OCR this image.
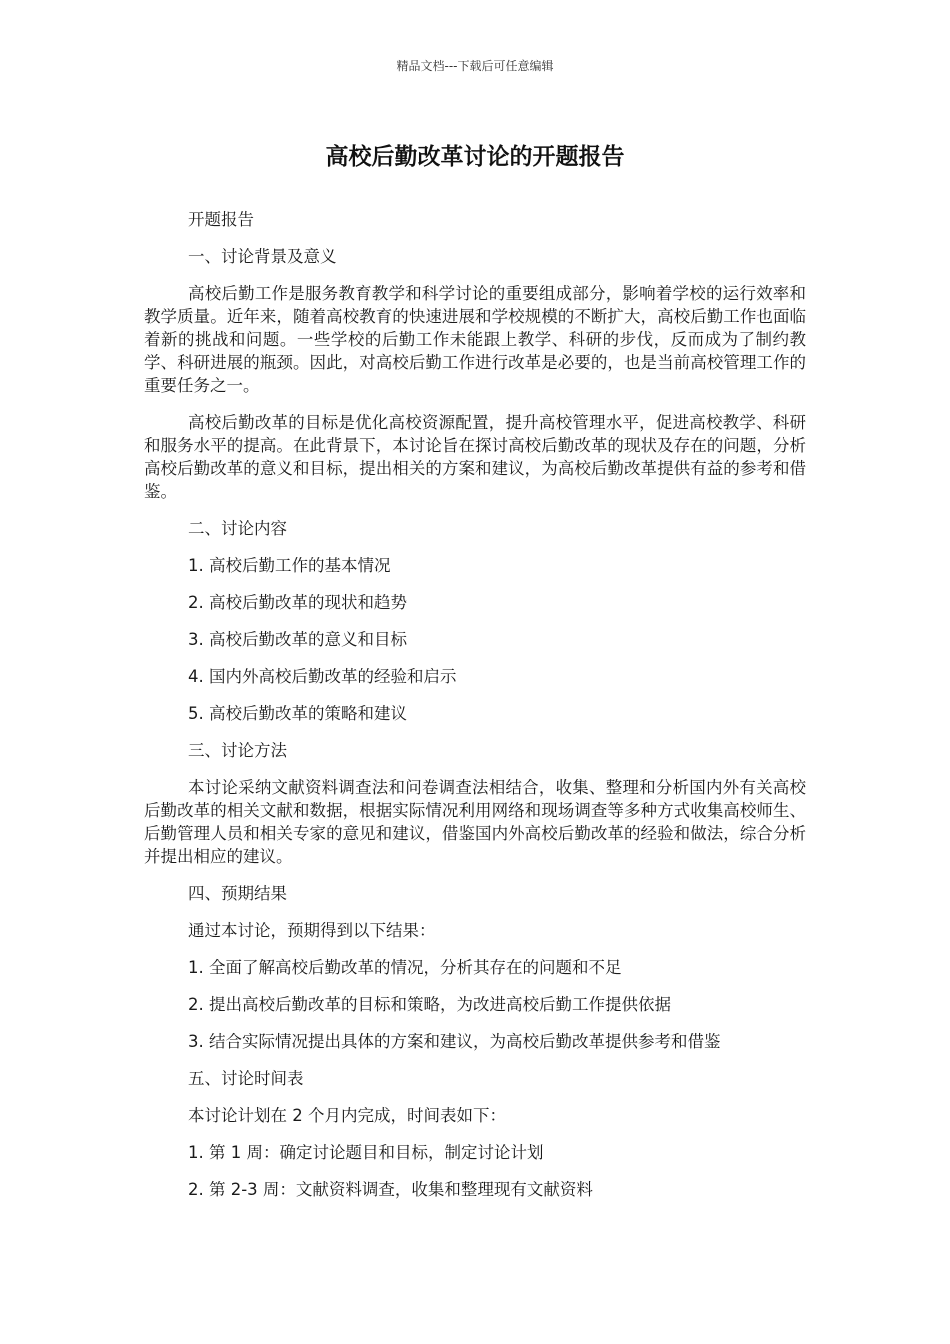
精品文档---下载后可任意编辑
高校后勤改革讨论的开题报告

开题报告

一、讨论背景及意义

高校后勤工作是服务教育教学和科学讨论的重要组成部分，影响着学校的运行效率和教学质量。近年来，随着高校教育的快速进展和学校规模的不断扩大，高校后勤工作也面临着新的挑战和问题。一些学校的后勤工作未能跟上教学、科研的步伐，反而成为了制约教学、科研进展的瓶颈。因此，对高校后勤工作进行改革是必要的，也是当前高校管理工作的重要任务之一。

高校后勤改革的目标是优化高校资源配置，提升高校管理水平，促进高校教学、科研和服务水平的提高。在此背景下，本讨论旨在探讨高校后勤改革的现状及存在的问题，分析高校后勤改革的意义和目标，提出相关的方案和建议，为高校后勤改革提供有益的参考和借鉴。

二、讨论内容

1. 高校后勤工作的基本情况

2. 高校后勤改革的现状和趋势

3. 高校后勤改革的意义和目标

4. 国内外高校后勤改革的经验和启示

5. 高校后勤改革的策略和建议

三、讨论方法

本讨论采纳文献资料调查法和问卷调查法相结合，收集、整理和分析国内外有关高校后勤改革的相关文献和数据，根据实际情况利用网络和现场调查等多种方式收集高校师生、后勤管理人员和相关专家的意见和建议，借鉴国内外高校后勤改革的经验和做法，综合分析并提出相应的建议。

四、预期结果

通过本讨论，预期得到以下结果：

1. 全面了解高校后勤改革的情况，分析其存在的问题和不足

2. 提出高校后勤改革的目标和策略，为改进高校后勤工作提供依据

3. 结合实际情况提出具体的方案和建议，为高校后勤改革提供参考和借鉴

五、讨论时间表

本讨论计划在 2 个月内完成，时间表如下：

1. 第 1 周：确定讨论题目和目标，制定讨论计划

2. 第 2-3 周：文献资料调查，收集和整理现有文献资料
